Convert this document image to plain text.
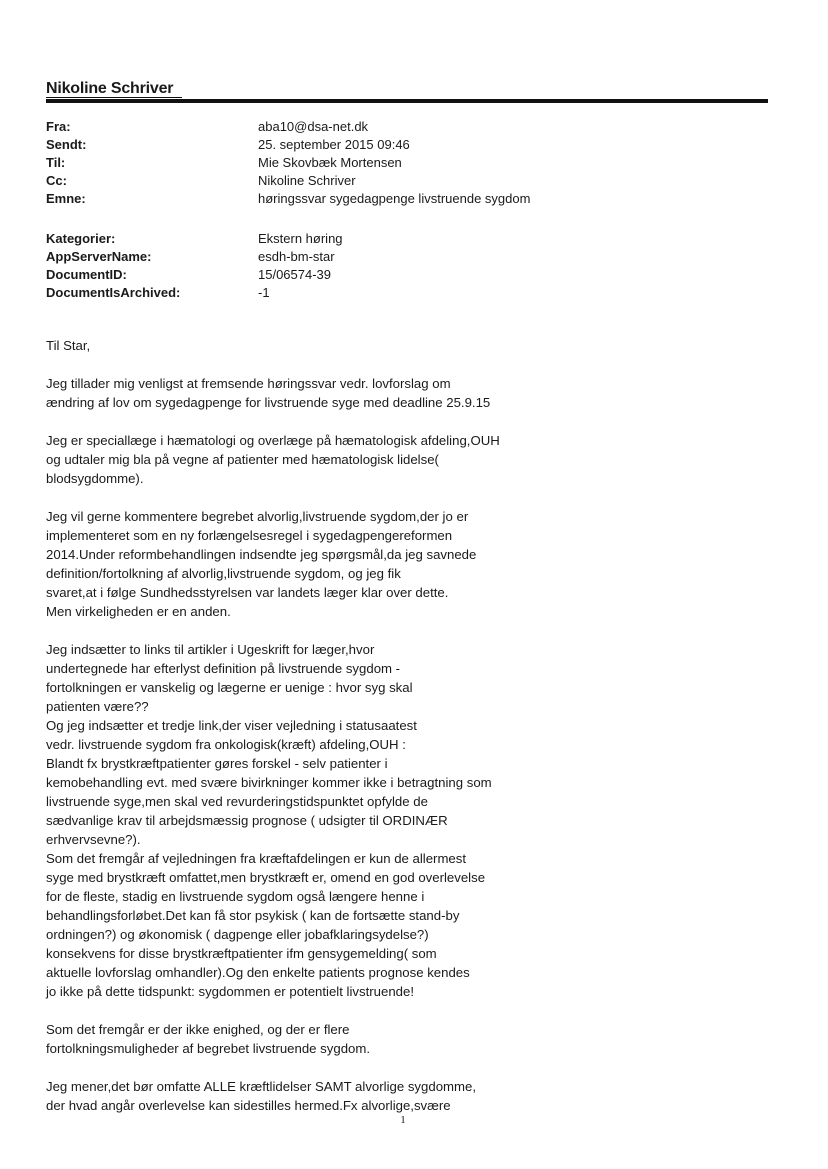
Nikoline Schriver
Fra:	aba10@dsa-net.dk
Sendt:	25. september 2015 09:46
Til:	Mie Skovbæk Mortensen
Cc:	Nikoline Schriver
Emne:	høringssvar sygedagpenge livstruende sygdom
Kategorier:	Ekstern høring
AppServerName:	esdh-bm-star
DocumentID:	15/06574-39
DocumentIsArchived:	-1

Til Star,

Jeg tillader mig venligst at fremsende høringssvar vedr. lovforslag om
ændring af lov om sygedagpenge for livstruende syge med deadline 25.9.15

Jeg er speciallæge i hæmatologi og overlæge på hæmatologisk afdeling,OUH
og udtaler mig bla på vegne af patienter med hæmatologisk lidelse(
blodsygdomme).

Jeg vil gerne kommentere begrebet alvorlig,livstruende sygdom,der jo er
implementeret som en ny forlængelsesregel i sygedagpengereformen
2014.Under reformbehandlingen indsendte jeg spørgsmål,da jeg savnede
definition/fortolkning af alvorlig,livstruende sygdom, og jeg fik
svaret,at i følge Sundhedsstyrelsen var landets læger klar over dette.
Men virkeligheden er en anden.

Jeg indsætter to links til artikler i Ugeskrift for læger,hvor
undertegnede har efterlyst definition på livstruende sygdom -
fortolkningen er vanskelig og lægerne er uenige : hvor syg skal
patienten være??
Og jeg indsætter et tredje link,der viser vejledning i statusaatest
vedr. livstruende sygdom fra onkologisk(kræft) afdeling,OUH :
Blandt fx brystkræftpatienter gøres forskel - selv patienter i
kemobehandling evt. med svære bivirkninger kommer ikke i betragtning som
livstruende syge,men skal ved revurderingstidspunktet opfylde de
sædvanlige krav til arbejdsmæssig prognose ( udsigter til ORDINÆR
erhvervsevne?).
Som det fremgår af vejledningen fra kræftafdelingen er kun de allermest
syge med brystkræft omfattet,men brystkræft er, omend en god overlevelse
for de fleste, stadig en livstruende sygdom også længere henne i
behandlingsforløbet.Det kan få stor psykisk ( kan de fortsætte stand-by
ordningen?) og økonomisk ( dagpenge eller jobafklaringsydelse?)
konsekvens for disse brystkræftpatienter ifm gensygemelding( som
aktuelle lovforslag omhandler).Og den enkelte patients prognose kendes
jo ikke på dette tidspunkt: sygdommen er potentielt livstruende!

Som det fremgår er der ikke enighed, og der er flere
fortolkningsmuligheder af begrebet livstruende sygdom.

Jeg mener,det bør omfatte ALLE kræftlidelser SAMT alvorlige sygdomme,
der hvad angår overlevelse kan sidestilles hermed.Fx alvorlige,svære

1
